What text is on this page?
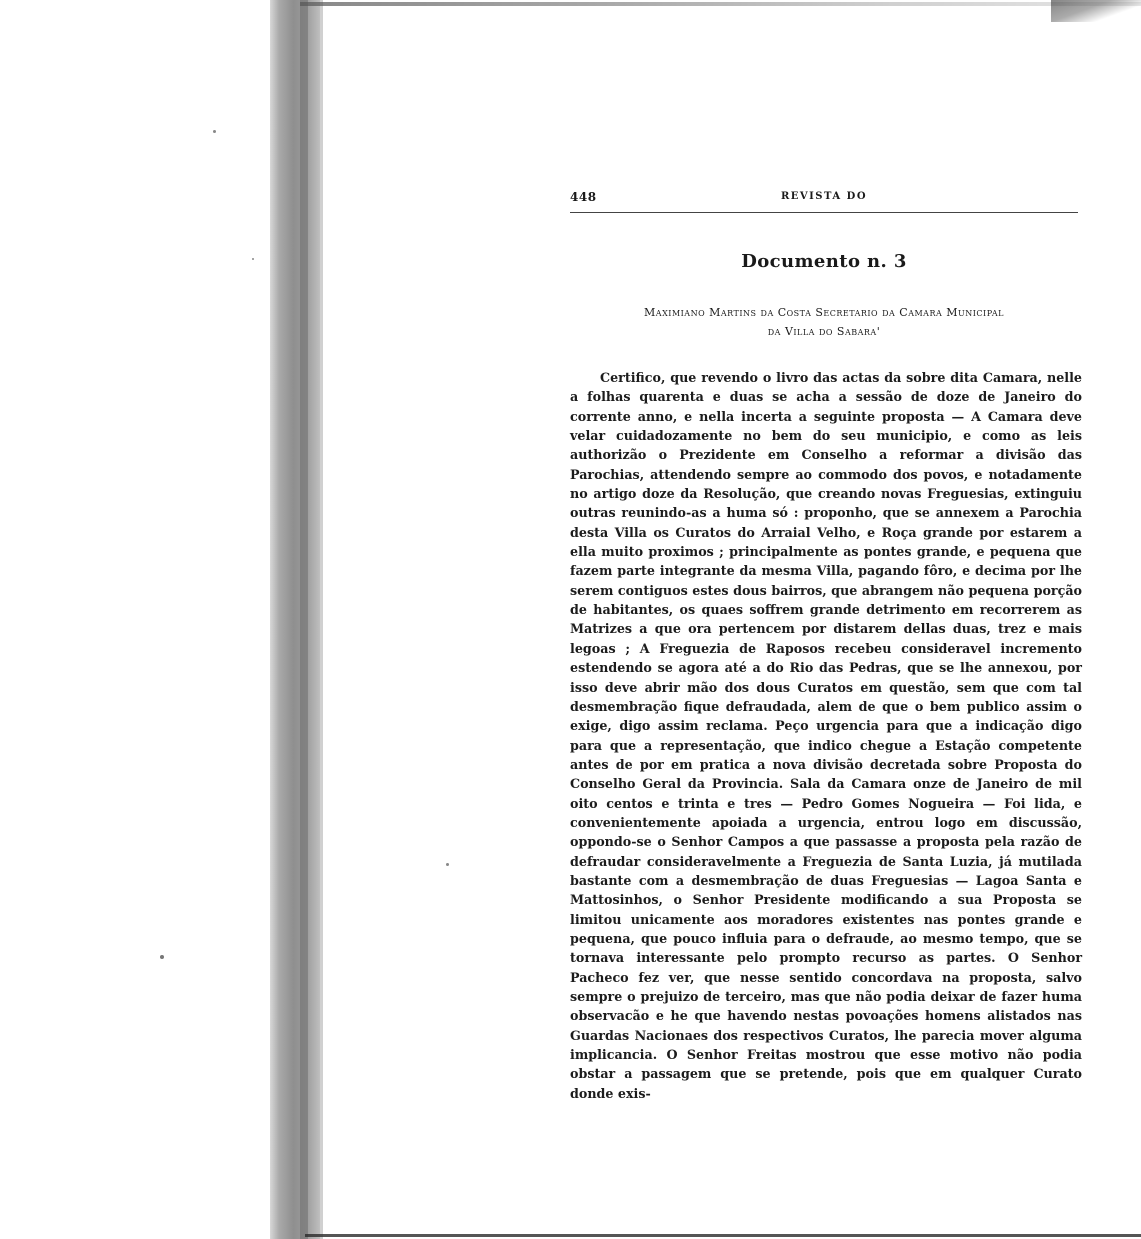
448	REVISTA DO
Documento n. 3
Maximiano Martins da Costa Secretario da Camara Municipal
da Villa do Sabara'

Certifico, que revendo o livro das actas da sobre dita Camara, nelle a folhas quarenta e duas se acha a sessão de doze de Janeiro do corrente anno, e nella incerta a seguinte proposta — A Camara deve velar cuidadozamente no bem do seu municipio, e como as leis authorizão o Prezidente em Conselho a reformar a divisão das Parochias, attendendo sempre ao commodo dos povos, e notadamente no artigo doze da Resolução, que creando novas Freguesias, extinguiu outras reunindo-as a huma só : proponho, que se annexem a Parochia desta Villa os Curatos do Arraial Velho, e Roça grande por estarem a ella muito proximos ; principalmente as pontes grande, e pequena que fazem parte integrante da mesma Villa, pagando fôro, e decima por lhe serem contiguos estes dous bairros, que abrangem não pequena porção de habitantes, os quaes soffrem grande detrimento em recorrerem as Matrizes a que ora pertencem por distarem dellas duas, trez e mais legoas ; A Freguezia de Raposos recebeu consideravel incremento estendendo se agora até a do Rio das Pedras, que se lhe annexou, por isso deve abrir mão dos dous Curatos em questão, sem que com tal desmembração fique defraudada, alem de que o bem publico assim o exige, digo assim reclama. Peço urgencia para que a indicação digo para que a representação, que indico chegue a Estação competente antes de por em pratica a nova divisão decretada sobre Proposta do Conselho Geral da Provincia. Sala da Camara onze de Janeiro de mil oito centos e trinta e tres — Pedro Gomes Nogueira — Foi lida, e convenientemente apoiada a urgencia, entrou logo em discussão, oppondo-se o Senhor Campos a que passasse a proposta pela razão de defraudar consideravelmente a Freguezia de Santa Luzia, já mutilada bastante com a desmembração de duas Freguesias — Lagoa Santa e Mattosinhos, o Senhor Presidente modificando a sua Proposta se limitou unicamente aos moradores existentes nas pontes grande e pequena, que pouco influia para o defraude, ao mesmo tempo, que se tornava interessante pelo prompto recurso as partes. O Senhor Pacheco fez ver, que nesse sentido concordava na proposta, salvo sempre o prejuizo de terceiro, mas que não podia deixar de fazer huma observacão e he que havendo nestas povoações homens alistados nas Guardas Nacionaes dos respectivos Curatos, lhe parecia mover alguma implicancia. O Senhor Freitas mostrou que esse motivo não podia obstar a passagem que se pretende, pois que em qualquer Curato donde exis-
